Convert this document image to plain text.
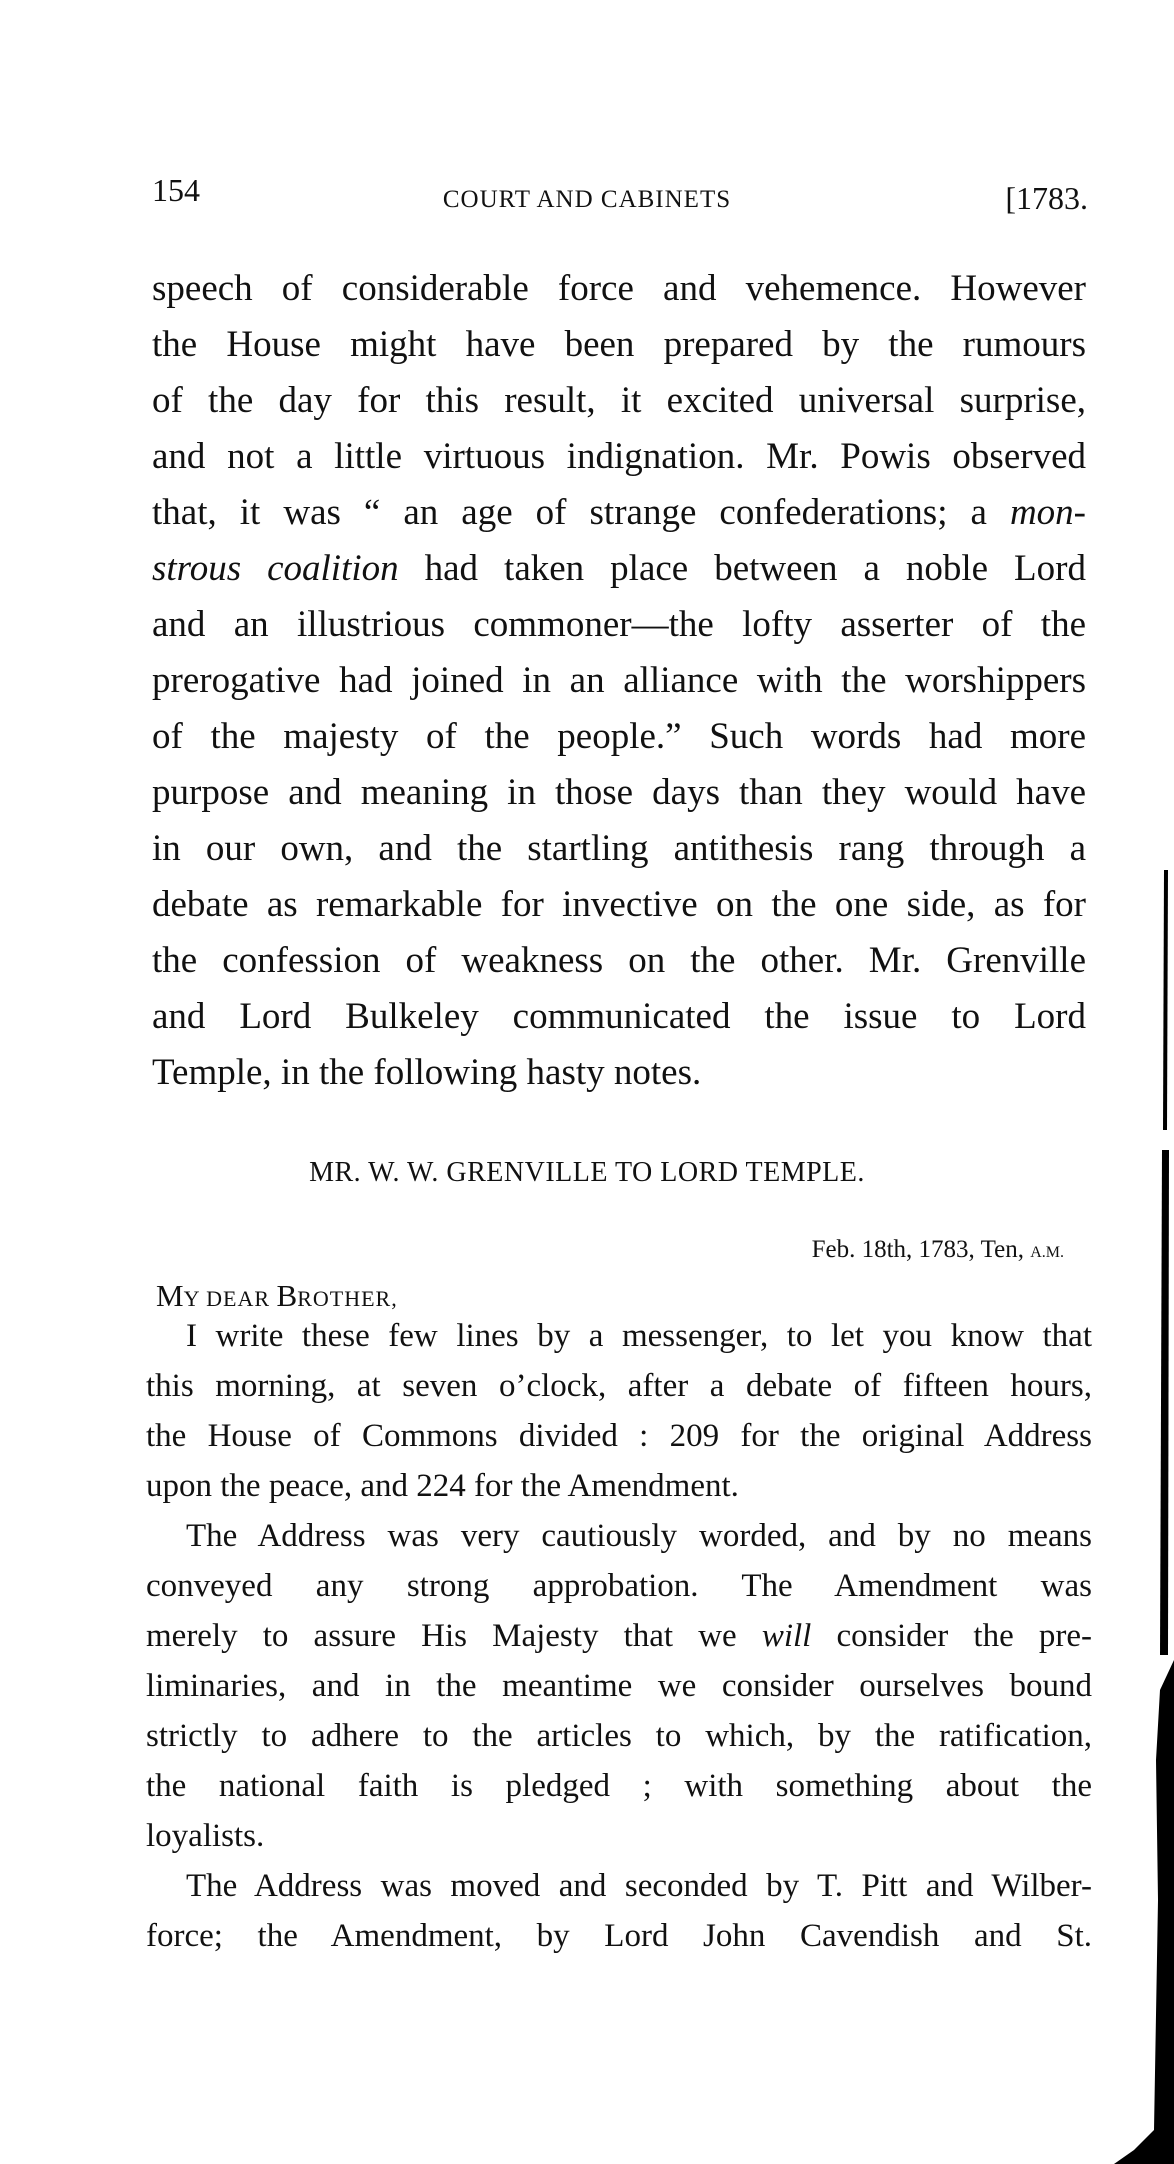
154	COURT AND CABINETS	[1783.
speech of considerable force and vehemence. However
the House might have been prepared by the rumours
of the day for this result, it excited universal surprise,
and not a little virtuous indignation. Mr. Powis observed
that, it was “ an age of strange confederations; a mon-
strous coalition had taken place between a noble Lord
and an illustrious commoner—the lofty asserter of the
prerogative had joined in an alliance with the worshippers
of the majesty of the people.” Such words had more
purpose and meaning in those days than they would have
in our own, and the startling antithesis rang through a
debate as remarkable for invective on the one side, as for
the confession of weakness on the other. Mr. Grenville
and Lord Bulkeley communicated the issue to Lord
Temple, in the following hasty notes.
MR. W. W. GRENVILLE TO LORD TEMPLE.
Feb. 18th, 1783, Ten, A.M.
MY DEAR BROTHER,
I write these few lines by a messenger, to let you know that
this morning, at seven o’clock, after a debate of fifteen hours,
the House of Commons divided : 209 for the original Address
upon the peace, and 224 for the Amendment.
The Address was very cautiously worded, and by no means
conveyed any strong approbation. The Amendment was
merely to assure His Majesty that we will consider the pre-
liminaries, and in the meantime we consider ourselves bound
strictly to adhere to the articles to which, by the ratification,
the national faith is pledged ; with something about the
loyalists.
The Address was moved and seconded by T. Pitt and Wilber-
force; the Amendment, by Lord John Cavendish and St.
